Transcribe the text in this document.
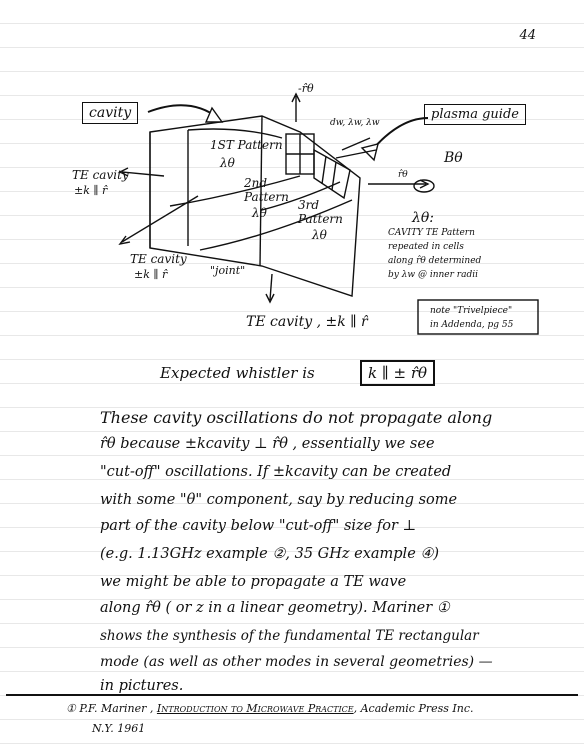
44
cavity	plasma guide
-r̂θ
dw, λw, λw
Bθ
r̂θ
1ST Pattern
λθ
2nd Pattern
λθ
3rd Pattern
λθ
TE cavity
±k ∥ r̂
TE cavity
±k ∥ r̂	"joint"
TE cavity , ±k ∥ r̂
λθ:
CAVITY TE Pattern
repeated in cells
along r̂θ determined
by λw @ inner radii
note "Trivelpiece"
in Addenda, pg 55
Expected whistler is	k ∥ ± r̂θ
These cavity oscillations do not propagate along
r̂θ because ±kcavity ⊥ r̂θ , essentially we see
"cut-off" oscillations. If ±kcavity can be created
with some "θ" component, say by reducing some
part of the cavity below "cut-off" size for ⊥
(e.g. 1.13GHz example ②, 35 GHz example ④)
we might be able to propagate a TE wave
along r̂θ ( or z in a linear geometry). Mariner ①
shows the synthesis of the fundamental TE rectangular
mode (as well as other modes in several geometries) —
in pictures.
① P.F. Mariner , Introduction to Microwave Practice, Academic Press Inc.
N.Y. 1961
